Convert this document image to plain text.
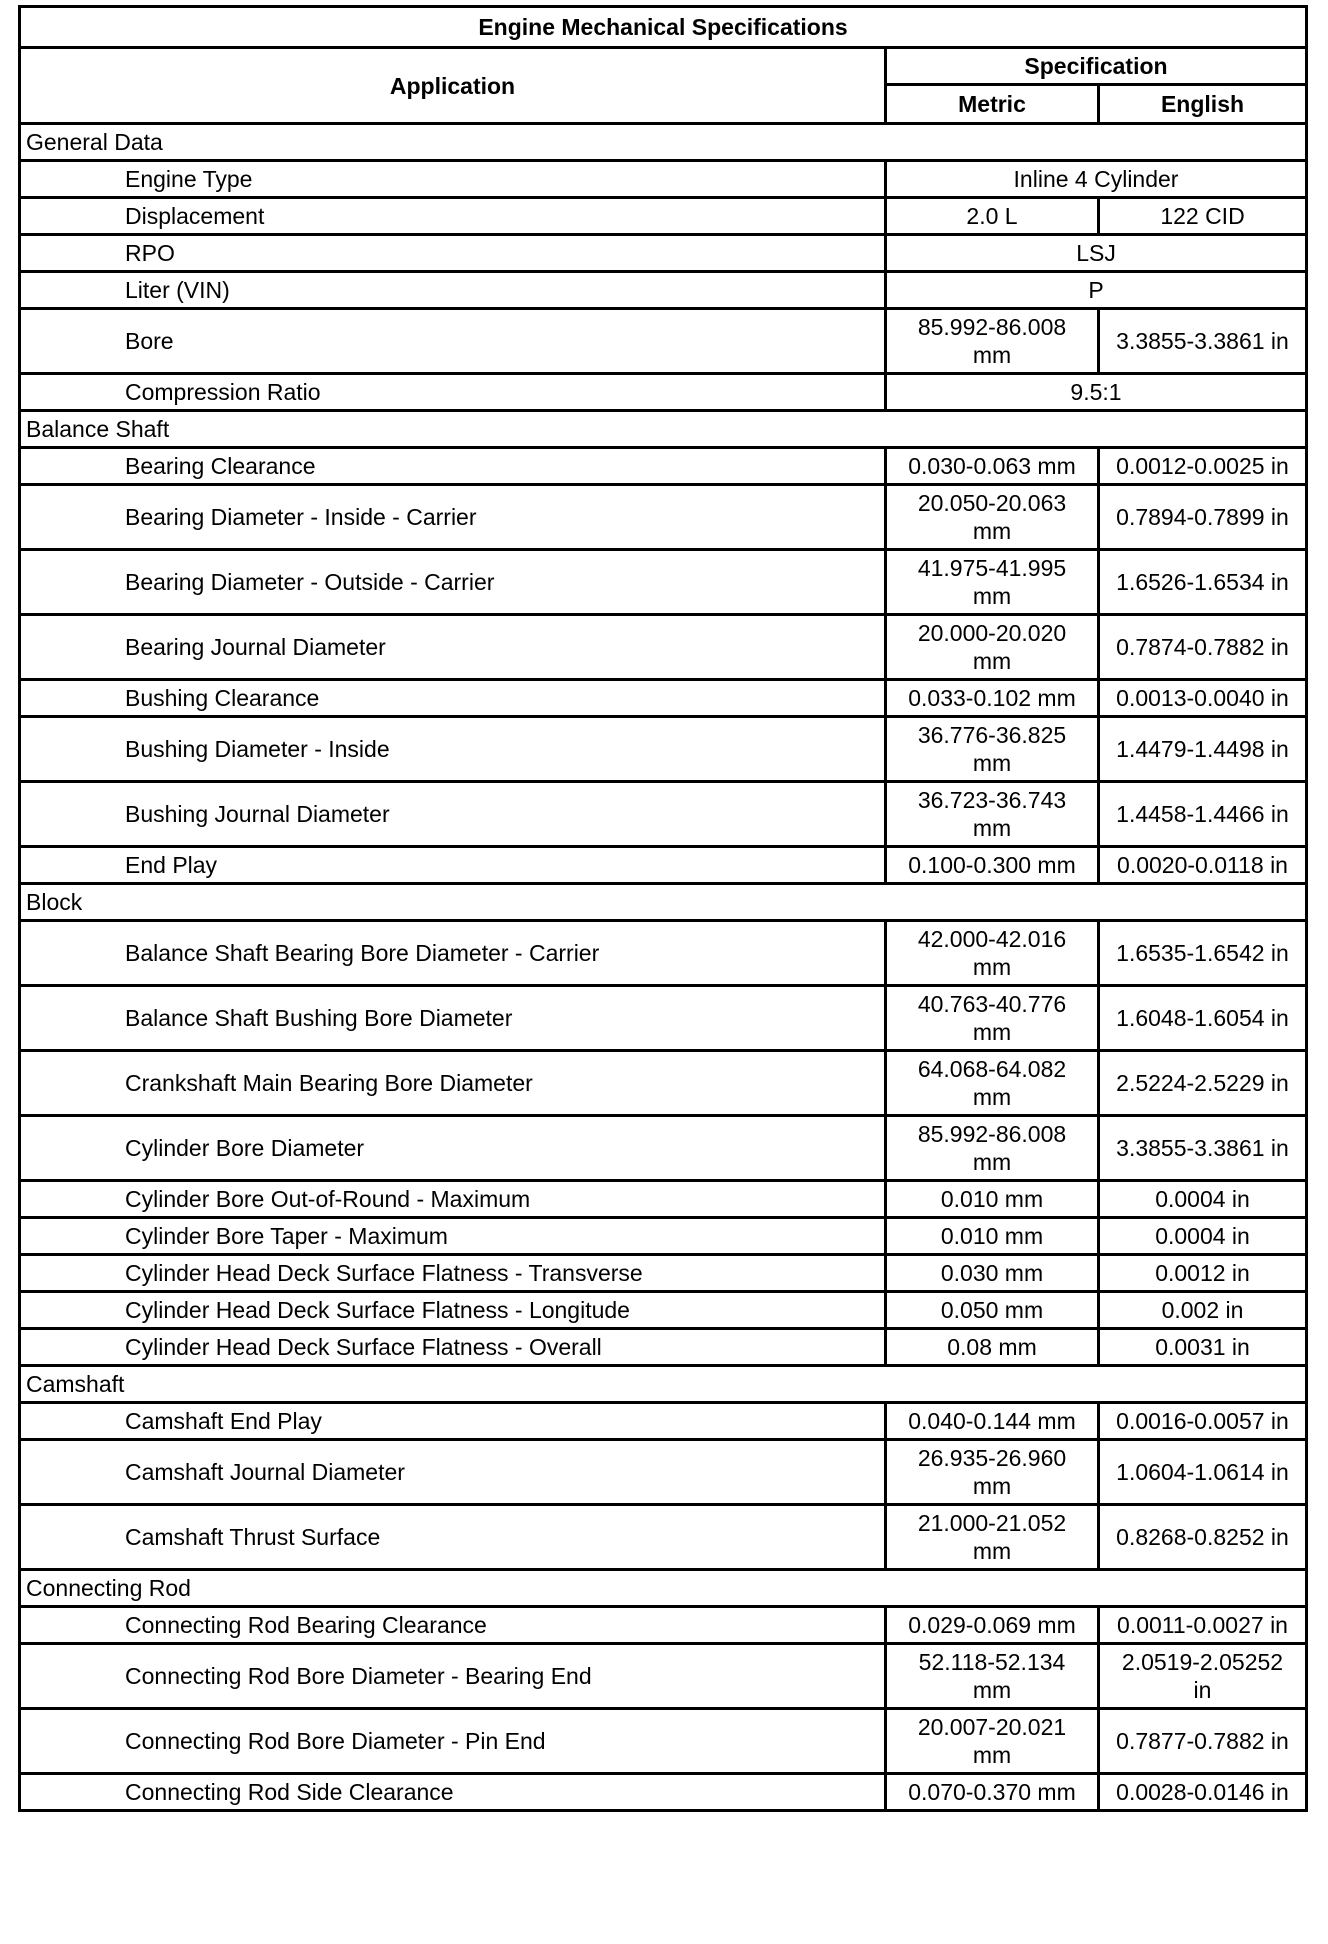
Engine Mechanical Specifications		
Application	Specification	
	Metric	English
General Data		
Engine Type	Inline 4 Cylinder	
Displacement	2.0 L	122 CID
RPO	LSJ	
Liter (VIN)	P	
Bore	85.992-86.008 mm	3.3855-3.3861 in
Compression Ratio	9.5:1	
Balance Shaft		
Bearing Clearance	0.030-0.063 mm	0.0012-0.0025 in
Bearing Diameter - Inside - Carrier	20.050-20.063 mm	0.7894-0.7899 in
Bearing Diameter - Outside - Carrier	41.975-41.995 mm	1.6526-1.6534 in
Bearing Journal Diameter	20.000-20.020 mm	0.7874-0.7882 in
Bushing Clearance	0.033-0.102 mm	0.0013-0.0040 in
Bushing Diameter - Inside	36.776-36.825 mm	1.4479-1.4498 in
Bushing Journal Diameter	36.723-36.743 mm	1.4458-1.4466 in
End Play	0.100-0.300 mm	0.0020-0.0118 in
Block		
Balance Shaft Bearing Bore Diameter - Carrier	42.000-42.016 mm	1.6535-1.6542 in
Balance Shaft Bushing Bore Diameter	40.763-40.776 mm	1.6048-1.6054 in
Crankshaft Main Bearing Bore Diameter	64.068-64.082 mm	2.5224-2.5229 in
Cylinder Bore Diameter	85.992-86.008 mm	3.3855-3.3861 in
Cylinder Bore Out-of-Round - Maximum	0.010 mm	0.0004 in
Cylinder Bore Taper - Maximum	0.010 mm	0.0004 in
Cylinder Head Deck Surface Flatness - Transverse	0.030 mm	0.0012 in
Cylinder Head Deck Surface Flatness - Longitude	0.050 mm	0.002 in
Cylinder Head Deck Surface Flatness - Overall	0.08 mm	0.0031 in
Camshaft		
Camshaft End Play	0.040-0.144 mm	0.0016-0.0057 in
Camshaft Journal Diameter	26.935-26.960 mm	1.0604-1.0614 in
Camshaft Thrust Surface	21.000-21.052 mm	0.8268-0.8252 in
Connecting Rod		
Connecting Rod Bearing Clearance	0.029-0.069 mm	0.0011-0.0027 in
Connecting Rod Bore Diameter - Bearing End	52.118-52.134 mm	2.0519-2.05252 in
Connecting Rod Bore Diameter - Pin End	20.007-20.021 mm	0.7877-0.7882 in
Connecting Rod Side Clearance	0.070-0.370 mm	0.0028-0.0146 in
